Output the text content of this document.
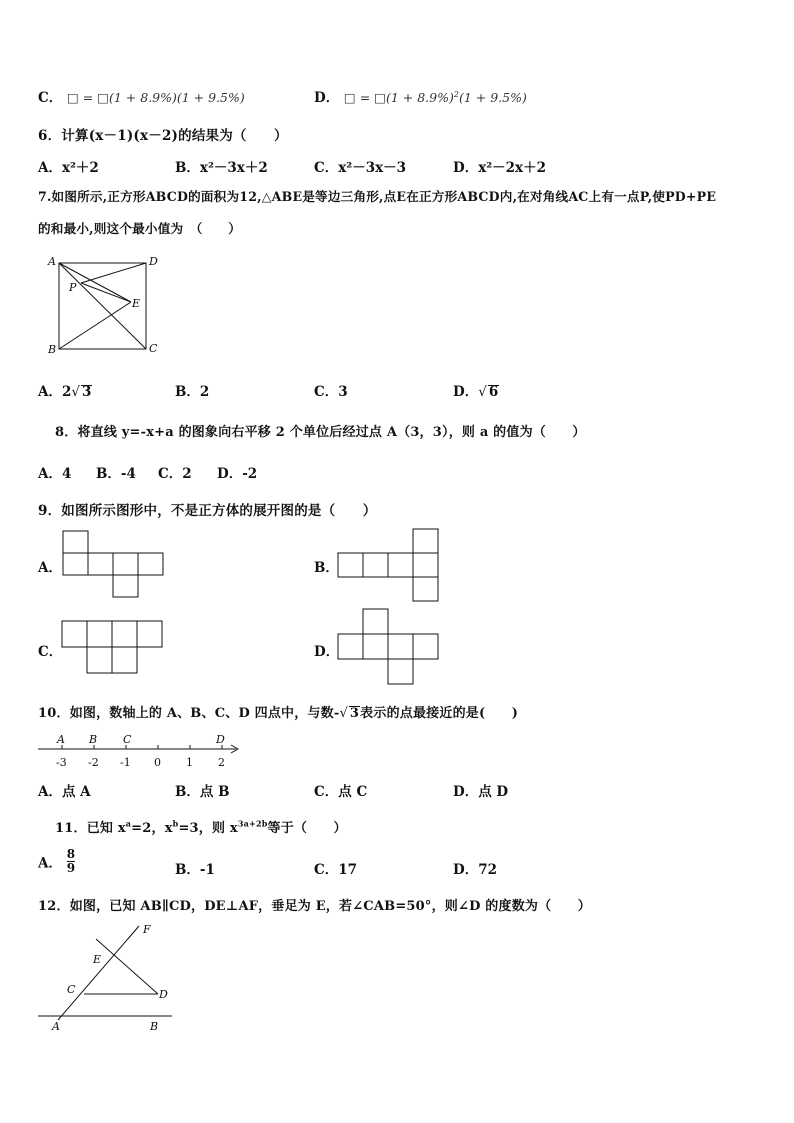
C． □ = □(1 + 8.9%)(1 + 9.5%)	D． □ = □(1 + 8.9%)$^2$(1 + 9.5%)
6．计算(x－1)(x－2)的结果为（　　）
A．x²＋2	B．x²－3x＋2	C．x²－3x－3	D．x²－2x＋2
7.如图所示,正方形ABCD的面积为12,△ABE是等边三角形,点E在正方形ABCD内,在对角线AC上有一点P,使PD+PE
的和最小,则这个最小值为　（　　）
A	D
P
E
B	C
A．2√ 3	B．2	C．3	D．√ 6
8．将直线 y=-x+a 的图象向右平移 2 个单位后经过点 A（3，3），则 a 的值为（　　）
A．4 B．-4 C．2 D．-2
9．如图所示图形中，不是正方体的展开图的是（　　）
A．	B．
C．	D．
10．如图，数轴上的 A、B、C、D 四点中，与数-√ 3表示的点最接近的是(　　)
A B C	D
-3 -2 -1 0 1 2
A．点 A	B．点 B	C．点 C	D．点 D
11．已知 $x^a=2$，$x^b=3$，则 $x^{3a+2b}$等于（　　）
A． $\frac{8}{9}$	B．-1	C．17	D．72
12．如图，已知 AB∥CD，DE⊥AF，垂足为 E，若∠CAB=50°，则∠D 的度数为（　　）
F
E
C	D
A	B
